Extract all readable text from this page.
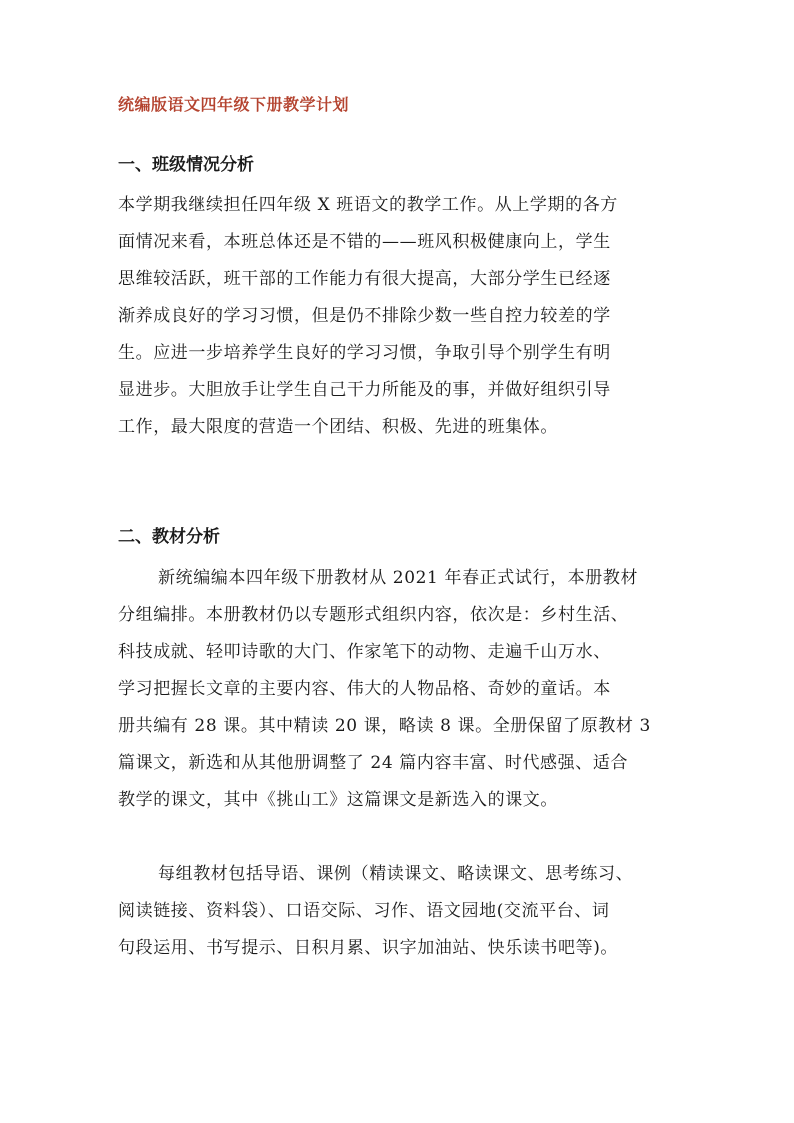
统编版语文四年级下册教学计划
一、班级情况分析
本学期我继续担任四年级 X 班语文的教学工作。从上学期的各方
面情况来看，本班总体还是不错的——班风积极健康向上，学生
思维较活跃，班干部的工作能力有很大提高，大部分学生已经逐
渐养成良好的学习习惯，但是仍不排除少数一些自控力较差的学
生。应进一步培养学生良好的学习习惯，争取引导个别学生有明
显进步。大胆放手让学生自己干力所能及的事，并做好组织引导
工作，最大限度的营造一个团结、积极、先进的班集体。
二、教材分析
新统编编本四年级下册教材从 2021 年春正式试行，本册教材
分组编排。本册教材仍以专题形式组织内容，依次是：乡村生活、
科技成就、轻叩诗歌的大门、作家笔下的动物、走遍千山万水、
学习把握长文章的主要内容、伟大的人物品格、奇妙的童话。本
册共编有 28 课。其中精读 20 课，略读 8 课。全册保留了原教材 3
篇课文，新选和从其他册调整了 24 篇内容丰富、时代感强、适合
教学的课文，其中《挑山工》这篇课文是新选入的课文。
每组教材包括导语、课例（精读课文、略读课文、思考练习、
阅读链接、资料袋）、口语交际、习作、语文园地(交流平台、词
句段运用、书写提示、日积月累、识字加油站、快乐读书吧等)。
